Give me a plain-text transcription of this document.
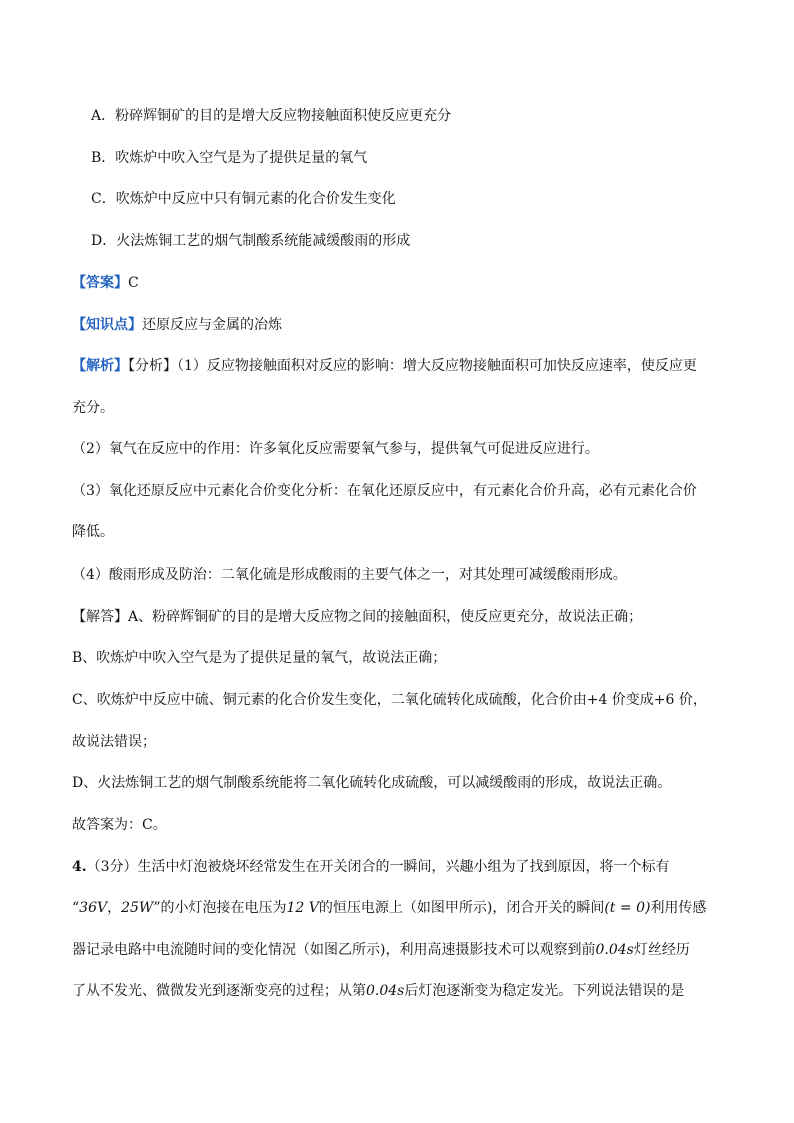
A．粉碎辉铜矿的目的是增大反应物接触面积使反应更充分
B．吹炼炉中吹入空气是为了提供足量的氧气
C．吹炼炉中反应中只有铜元素的化合价发生变化
D．火法炼铜工艺的烟气制酸系统能减缓酸雨的形成
【答案】C
【知识点】还原反应与金属的冶炼
【解析】【分析】（1）反应物接触面积对反应的影响：增大反应物接触面积可加快反应速率，使反应更
充分。
（2）氧气在反应中的作用：许多氧化反应需要氧气参与，提供氧气可促进反应进行。
（3）氧化还原反应中元素化合价变化分析：在氧化还原反应中，有元素化合价升高，必有元素化合价
降低。
（4）酸雨形成及防治：二氧化硫是形成酸雨的主要气体之一，对其处理可减缓酸雨形成。
【解答】A、粉碎辉铜矿的目的是增大反应物之间的接触面积，使反应更充分，故说法正确；
B、吹炼炉中吹入空气是为了提供足量的氧气，故说法正确；
C、吹炼炉中反应中硫、铜元素的化合价发生变化，二氧化硫转化成硫酸，化合价由+4 价变成+6 价，
故说法错误；
D、火法炼铜工艺的烟气制酸系统能将二氧化硫转化成硫酸，可以减缓酸雨的形成，故说法正确。
故答案为：C。
4.（3分）生活中灯泡被烧坏经常发生在开关闭合的一瞬间，兴趣小组为了找到原因，将一个标有
“36V，25W”的小灯泡接在电压为12 V的恒压电源上（如图甲所示)，闭合开关的瞬间(t = 0)利用传感
器记录电路中电流随时间的变化情况（如图乙所示)，利用高速摄影技术可以观察到前0.04s灯丝经历
了从不发光、微微发光到逐渐变亮的过程；从第0.04s后灯泡逐渐变为稳定发光。下列说法错误的是
